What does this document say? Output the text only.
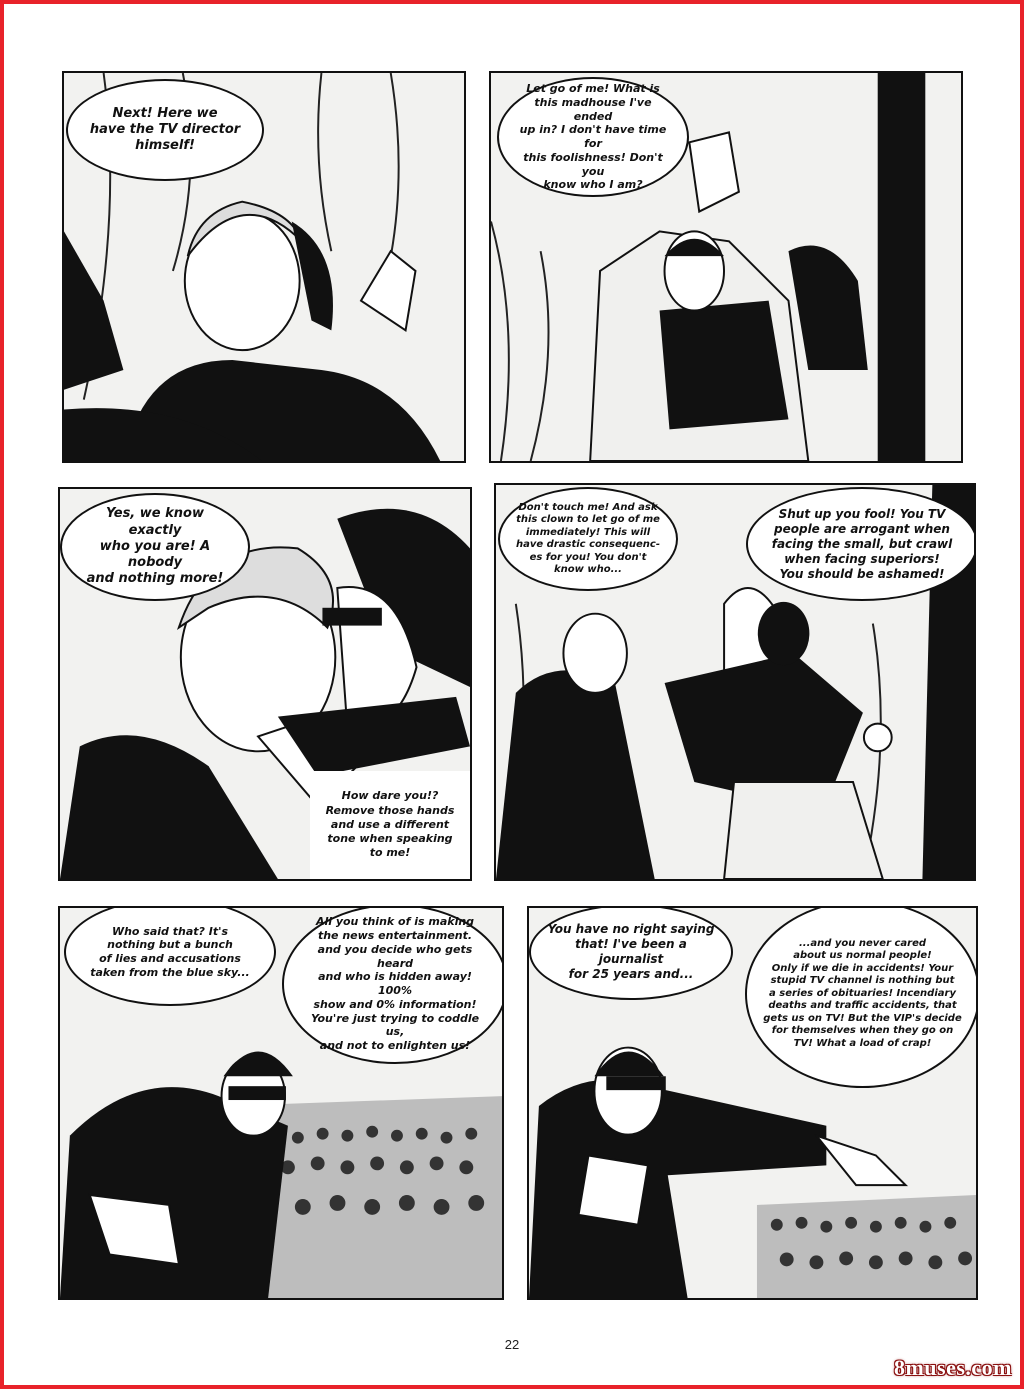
Next! Here we
have the TV director
himself!
Let go of me! What is
this madhouse I've ended
up in? I don't have time for
this foolishness! Don't you
know who I am?
Yes, we know exactly
who you are! A nobody
and nothing more!
How dare you!?
Remove those hands
and use a different
tone when speaking
to me!
Don't touch me! And ask
this clown to let go of me
immediately! This will
have drastic consequenc-
es for you! You don't
know who...
Shut up you fool! You TV
people are arrogant when
facing the small, but crawl
when facing superiors!
You should be ashamed!
Who said that? It's
nothing but a bunch
of lies and accusations
taken from the blue sky...
All you think of is making
the news entertainment.
and you decide who gets heard
and who is hidden away! 100%
show and 0% information!
You're just trying to coddle us,
and not to enlighten us!
You have no right saying
that! I've been a journalist
for 25 years and...
...and you never cared
about us normal people!
Only if we die in accidents! Your
stupid TV channel is nothing but
a series of obituaries! Incendiary
deaths and traffic accidents, that
gets us on TV! But the VIP's decide
for themselves when they go on
TV! What a load of crap!
22
8muses.com
